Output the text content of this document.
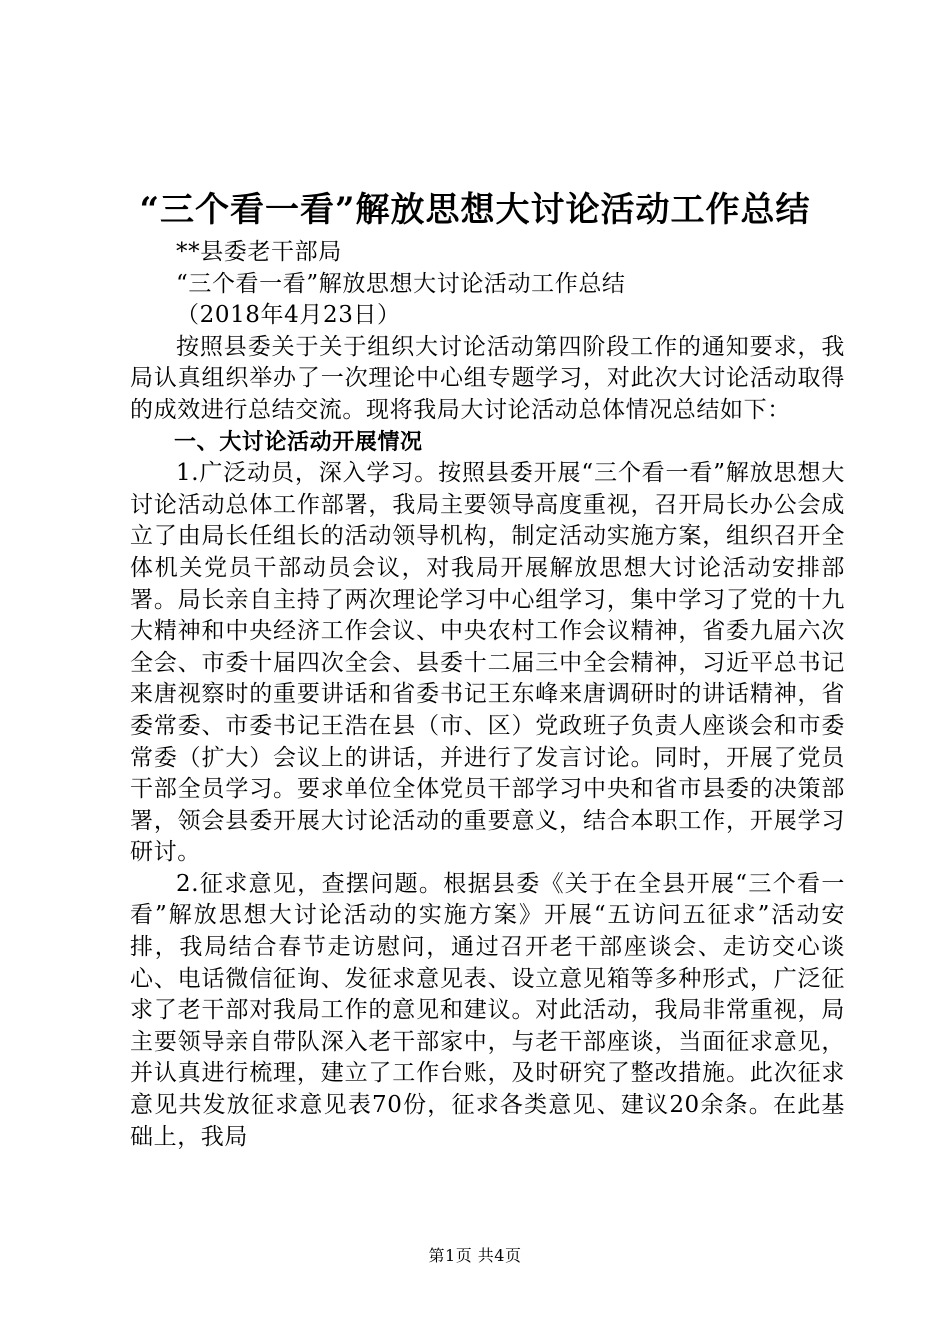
“三个看一看”解放思想大讨论活动工作总结

**县委老干部局

“三个看一看”解放思想大讨论活动工作总结

（2018年4月23日）

按照县委关于关于组织大讨论活动第四阶段工作的通知要求，我局认真组织举办了一次理论中心组专题学习，对此次大讨论活动取得的成效进行总结交流。现将我局大讨论活动总体情况总结如下：

一、大讨论活动开展情况

1.广泛动员，深入学习。按照县委开展“三个看一看”解放思想大讨论活动总体工作部署，我局主要领导高度重视，召开局长办公会成立了由局长任组长的活动领导机构，制定活动实施方案，组织召开全体机关党员干部动员会议，对我局开展解放思想大讨论活动安排部署。局长亲自主持了两次理论学习中心组学习，集中学习了党的十九大精神和中央经济工作会议、中央农村工作会议精神，省委九届六次全会、市委十届四次全会、县委十二届三中全会精神，习近平总书记来唐视察时的重要讲话和省委书记王东峰来唐调研时的讲话精神，省委常委、市委书记王浩在县（市、区）党政班子负责人座谈会和市委常委（扩大）会议上的讲话，并进行了发言讨论。同时，开展了党员干部全员学习。要求单位全体党员干部学习中央和省市县委的决策部署，领会县委开展大讨论活动的重要意义，结合本职工作，开展学习研讨。

2.征求意见，查摆问题。根据县委《关于在全县开展“三个看一看”解放思想大讨论活动的实施方案》开展“五访问五征求”活动安排，我局结合春节走访慰问，通过召开老干部座谈会、走访交心谈心、电话微信征询、发征求意见表、设立意见箱等多种形式，广泛征求了老干部对我局工作的意见和建议。对此活动，我局非常重视，局主要领导亲自带队深入老干部家中，与老干部座谈，当面征求意见，并认真进行梳理，建立了工作台账，及时研究了整改措施。此次征求意见共发放征求意见表70份，征求各类意见、建议20余条。在此基础上，我局

第1页 共4页
